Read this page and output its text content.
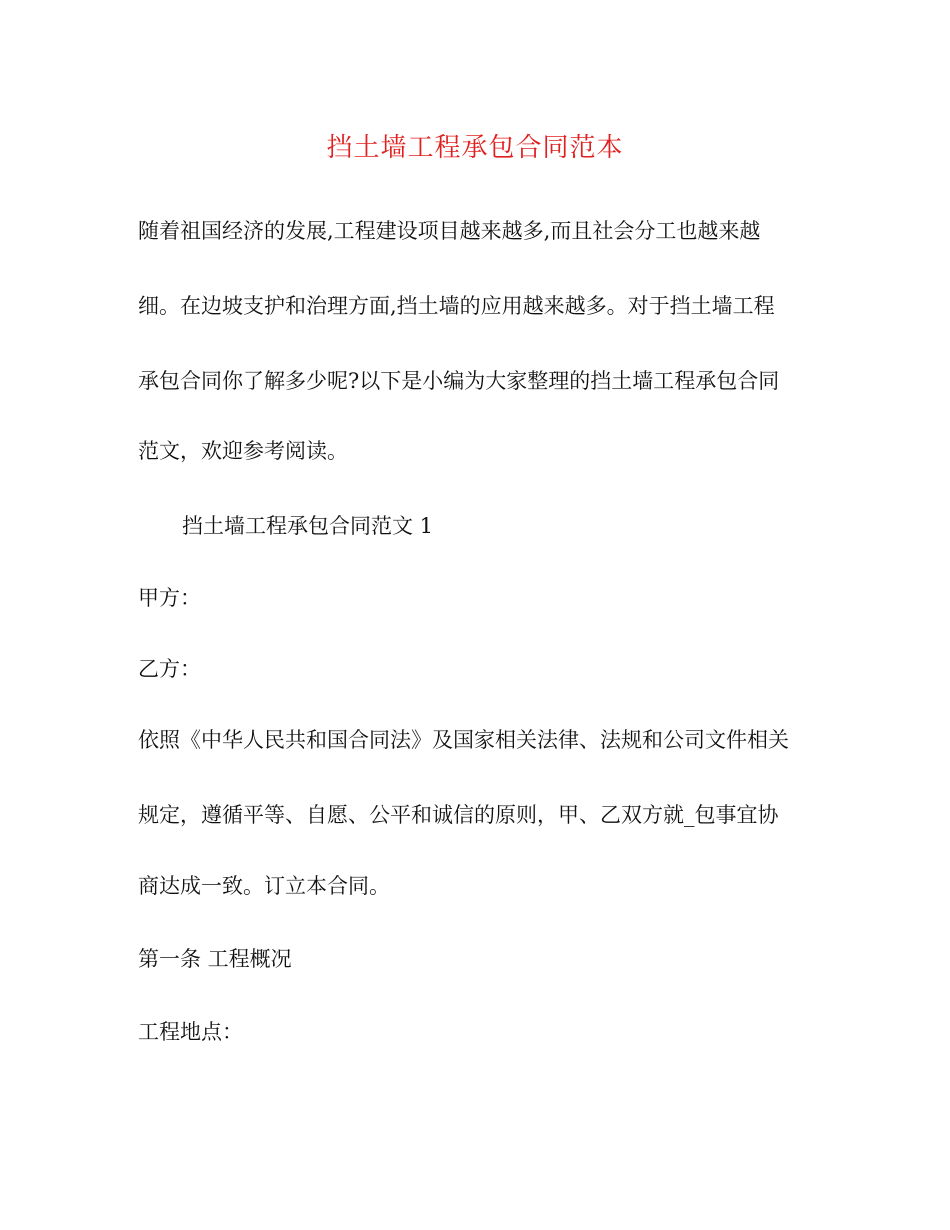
挡土墙工程承包合同范本
随着祖国经济的发展,工程建设项目越来越多,而且社会分工也越来越
细。在边坡支护和治理方面,挡土墙的应用越来越多。对于挡土墙工程
承包合同你了解多少呢?以下是小编为大家整理的挡土墙工程承包合同
范文，欢迎参考阅读。
挡土墙工程承包合同范文 1
甲方：
乙方：
依照《中华人民共和国合同法》及国家相关法律、法规和公司文件相关
规定，遵循平等、自愿、公平和诚信的原则，甲、乙双方就_包事宜协
商达成一致。订立本合同。
第一条 工程概况
工程地点：
